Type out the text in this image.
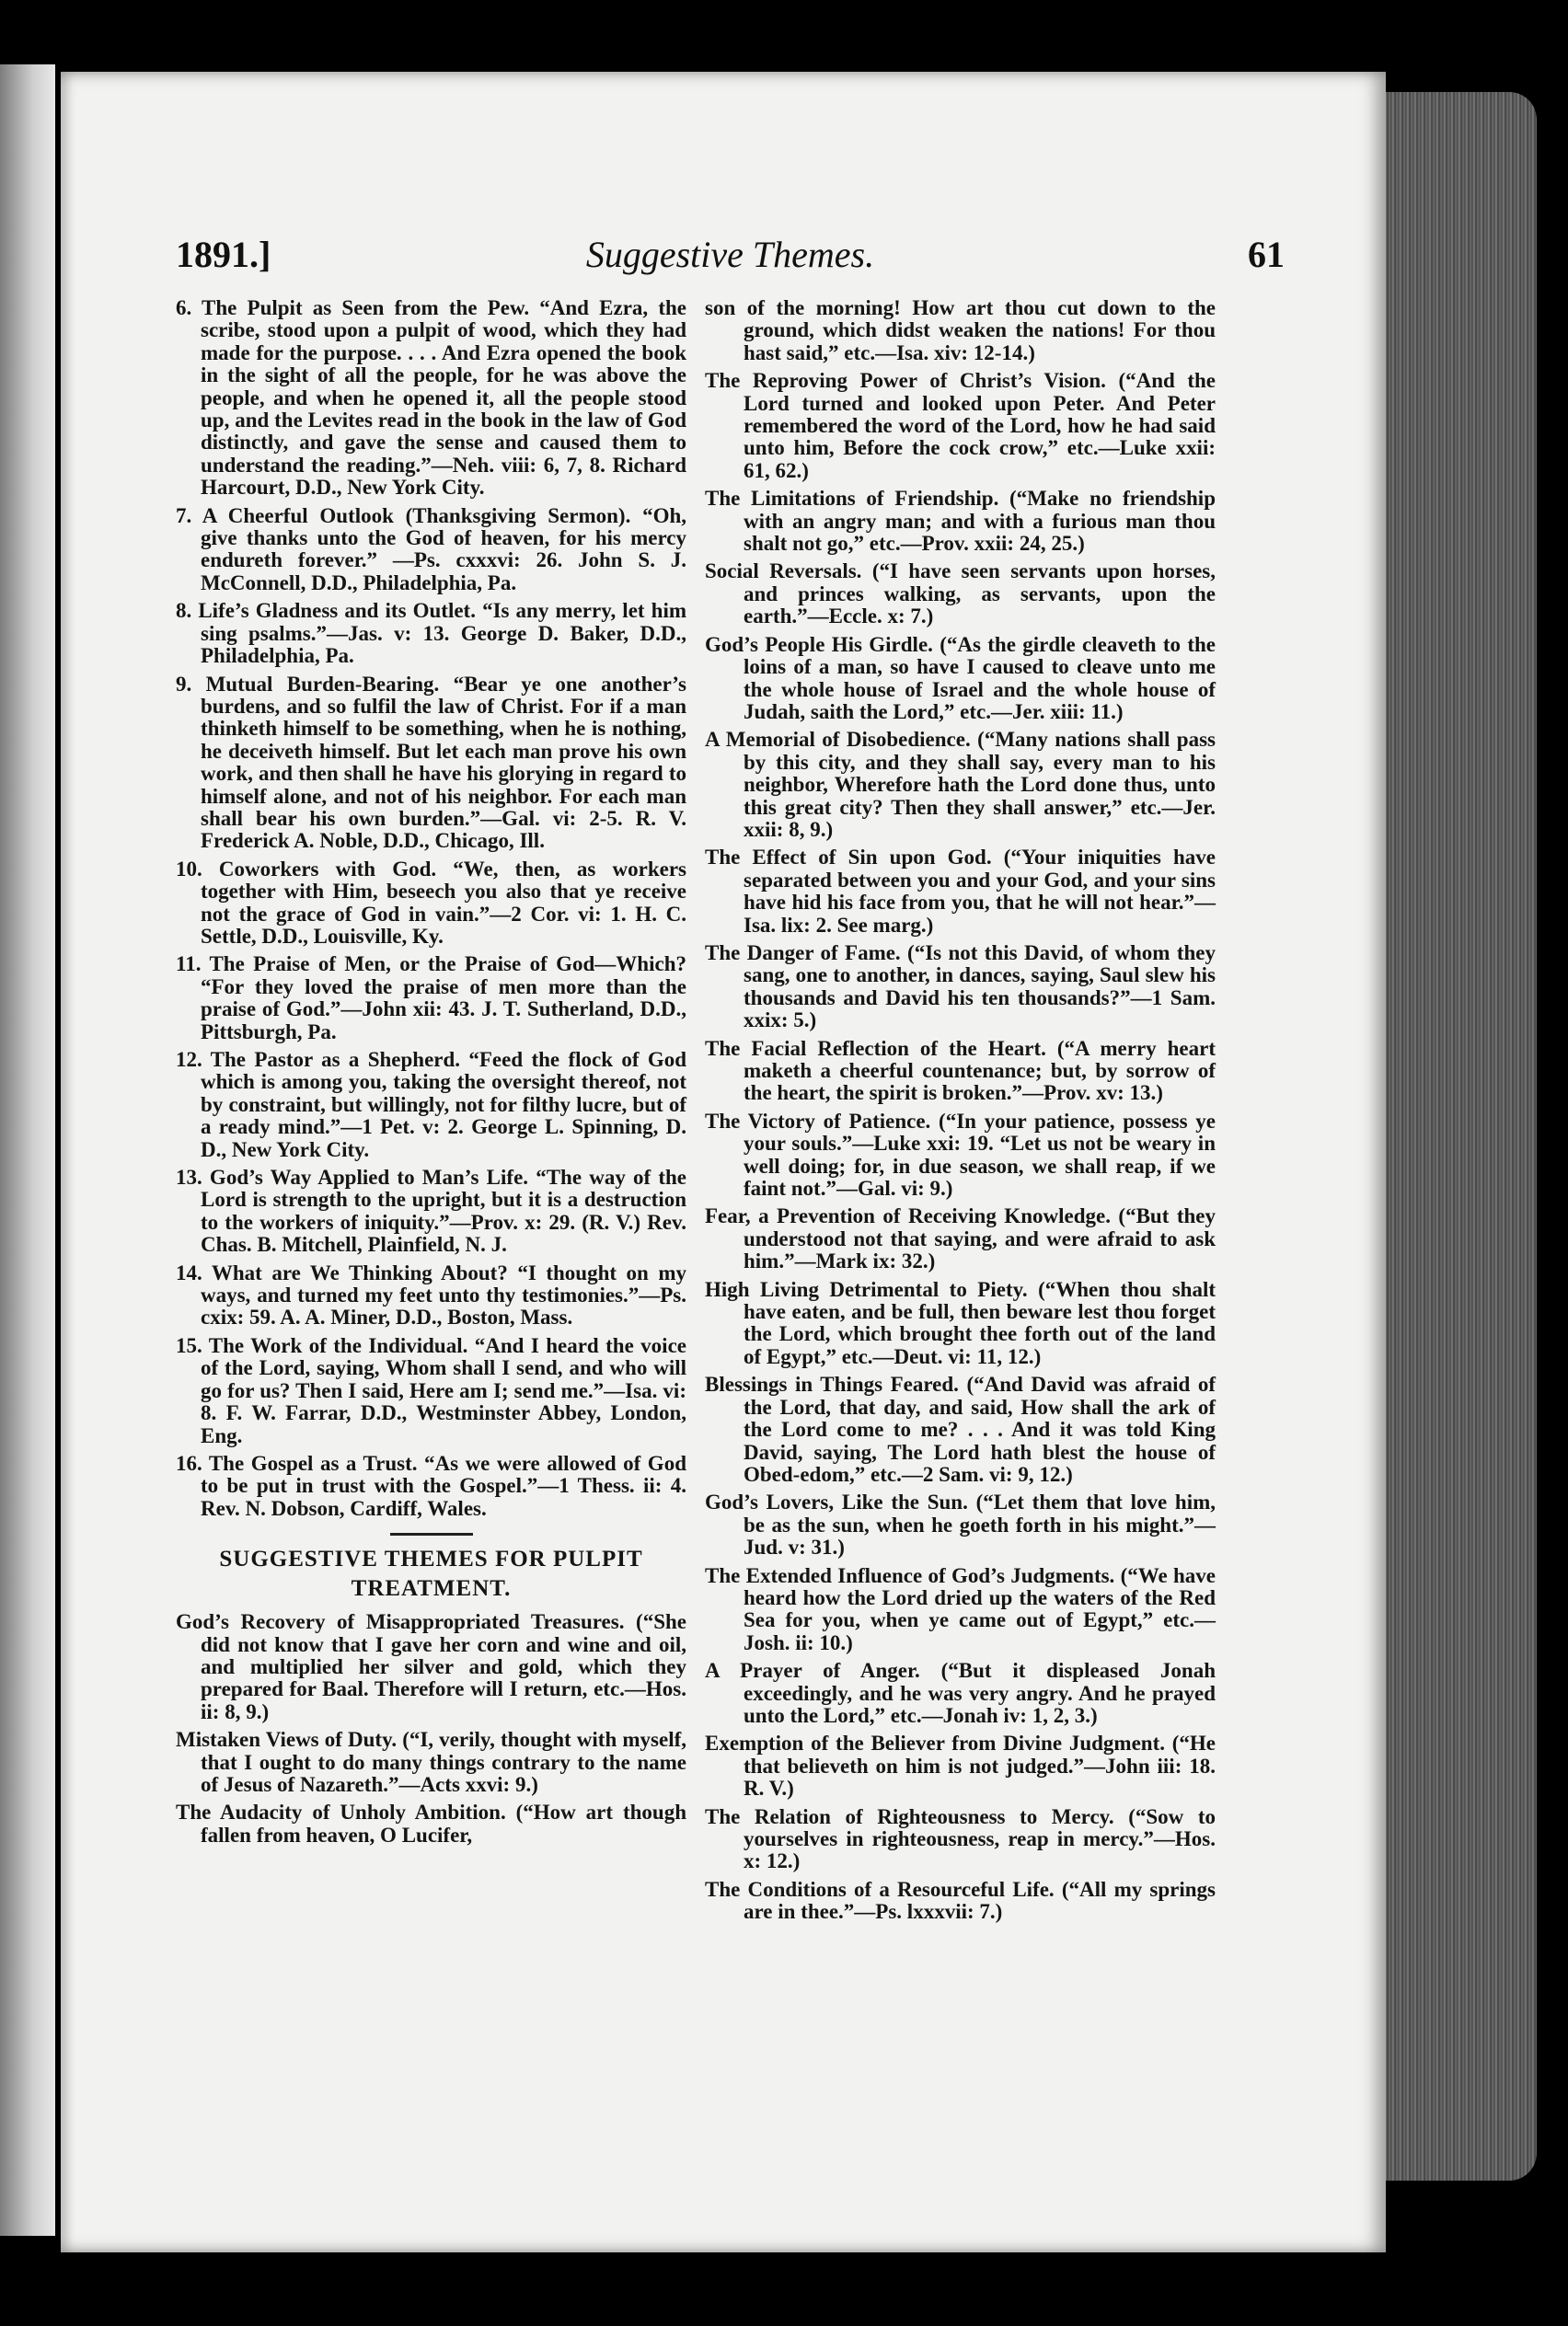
Suggestive Themes.
1891.]	61
6. The Pulpit as Seen from the Pew. “And Ezra, the scribe, stood upon a pulpit of wood, which they had made for the purpose. . . . And Ezra opened the book in the sight of all the people, for he was above the people, and when he opened it, all the people stood up, and the Levites read in the book in the law of God distinctly, and gave the sense and caused them to understand the reading.”—Neh. viii: 6, 7, 8. Richard Harcourt, D.D., New York City.
7. A Cheerful Outlook (Thanksgiving Sermon). “Oh, give thanks unto the God of heaven, for his mercy endureth forever.” —Ps. cxxxvi: 26. John S. J. McConnell, D.D., Philadelphia, Pa.
8. Life’s Gladness and its Outlet. “Is any merry, let him sing psalms.”—Jas. v: 13. George D. Baker, D.D., Philadelphia, Pa.
9. Mutual Burden-Bearing. “Bear ye one another’s burdens, and so fulfil the law of Christ. For if a man thinketh himself to be something, when he is nothing, he deceiveth himself. But let each man prove his own work, and then shall he have his glorying in regard to himself alone, and not of his neighbor. For each man shall bear his own burden.”—Gal. vi: 2-5. R. V. Frederick A. Noble, D.D., Chicago, Ill.
10. Coworkers with God. “We, then, as workers together with Him, beseech you also that ye receive not the grace of God in vain.”—2 Cor. vi: 1. H. C. Settle, D.D., Louisville, Ky.
11. The Praise of Men, or the Praise of God—Which? “For they loved the praise of men more than the praise of God.”—John xii: 43. J. T. Sutherland, D.D., Pittsburgh, Pa.
12. The Pastor as a Shepherd. “Feed the flock of God which is among you, taking the oversight thereof, not by constraint, but willingly, not for filthy lucre, but of a ready mind.”—1 Pet. v: 2. George L. Spinning, D. D., New York City.
13. God’s Way Applied to Man’s Life. “The way of the Lord is strength to the upright, but it is a destruction to the workers of iniquity.”—Prov. x: 29. (R. V.) Rev. Chas. B. Mitchell, Plainfield, N. J.
14. What are We Thinking About? “I thought on my ways, and turned my feet unto thy testimonies.”—Ps. cxix: 59. A. A. Miner, D.D., Boston, Mass.
15. The Work of the Individual. “And I heard the voice of the Lord, saying, Whom shall I send, and who will go for us? Then I said, Here am I; send me.”—Isa. vi: 8. F. W. Farrar, D.D., Westminster Abbey, London, Eng.
16. The Gospel as a Trust. “As we were allowed of God to be put in trust with the Gospel.”—1 Thess. ii: 4. Rev. N. Dobson, Cardiff, Wales.
SUGGESTIVE THEMES FOR PULPIT TREATMENT.
God’s Recovery of Misappropriated Treasures. (“She did not know that I gave her corn and wine and oil, and multiplied her silver and gold, which they prepared for Baal. Therefore will I return, etc.—Hos. ii: 8, 9.)
Mistaken Views of Duty. (“I, verily, thought with myself, that I ought to do many things contrary to the name of Jesus of Nazareth.”—Acts xxvi: 9.)
The Audacity of Unholy Ambition. (“How art though fallen from heaven, O Lucifer,
son of the morning! How art thou cut down to the ground, which didst weaken the nations! For thou hast said,” etc.—Isa. xiv: 12-14.)
The Reproving Power of Christ’s Vision. (“And the Lord turned and looked upon Peter. And Peter remembered the word of the Lord, how he had said unto him, Before the cock crow,” etc.—Luke xxii: 61, 62.)
The Limitations of Friendship. (“Make no friendship with an angry man; and with a furious man thou shalt not go,” etc.—Prov. xxii: 24, 25.)
Social Reversals. (“I have seen servants upon horses, and princes walking, as servants, upon the earth.”—Eccle. x: 7.)
God’s People His Girdle. (“As the girdle cleaveth to the loins of a man, so have I caused to cleave unto me the whole house of Israel and the whole house of Judah, saith the Lord,” etc.—Jer. xiii: 11.)
A Memorial of Disobedience. (“Many nations shall pass by this city, and they shall say, every man to his neighbor, Wherefore hath the Lord done thus, unto this great city? Then they shall answer,” etc.—Jer. xxii: 8, 9.)
The Effect of Sin upon God. (“Your iniquities have separated between you and your God, and your sins have hid his face from you, that he will not hear.”—Isa. lix: 2. See marg.)
The Danger of Fame. (“Is not this David, of whom they sang, one to another, in dances, saying, Saul slew his thousands and David his ten thousands?”—1 Sam. xxix: 5.)
The Facial Reflection of the Heart. (“A merry heart maketh a cheerful countenance; but, by sorrow of the heart, the spirit is broken.”—Prov. xv: 13.)
The Victory of Patience. (“In your patience, possess ye your souls.”—Luke xxi: 19. “Let us not be weary in well doing; for, in due season, we shall reap, if we faint not.”—Gal. vi: 9.)
Fear, a Prevention of Receiving Knowledge. (“But they understood not that saying, and were afraid to ask him.”—Mark ix: 32.)
High Living Detrimental to Piety. (“When thou shalt have eaten, and be full, then beware lest thou forget the Lord, which brought thee forth out of the land of Egypt,” etc.—Deut. vi: 11, 12.)
Blessings in Things Feared. (“And David was afraid of the Lord, that day, and said, How shall the ark of the Lord come to me? . . . And it was told King David, saying, The Lord hath blest the house of Obed-edom,” etc.—2 Sam. vi: 9, 12.)
God’s Lovers, Like the Sun. (“Let them that love him, be as the sun, when he goeth forth in his might.”—Jud. v: 31.)
The Extended Influence of God’s Judgments. (“We have heard how the Lord dried up the waters of the Red Sea for you, when ye came out of Egypt,” etc.—Josh. ii: 10.)
A Prayer of Anger. (“But it displeased Jonah exceedingly, and he was very angry. And he prayed unto the Lord,” etc.—Jonah iv: 1, 2, 3.)
Exemption of the Believer from Divine Judgment. (“He that believeth on him is not judged.”—John iii: 18. R. V.)
The Relation of Righteousness to Mercy. (“Sow to yourselves in righteousness, reap in mercy.”—Hos. x: 12.)
The Conditions of a Resourceful Life. (“All my springs are in thee.”—Ps. lxxxvii: 7.)
